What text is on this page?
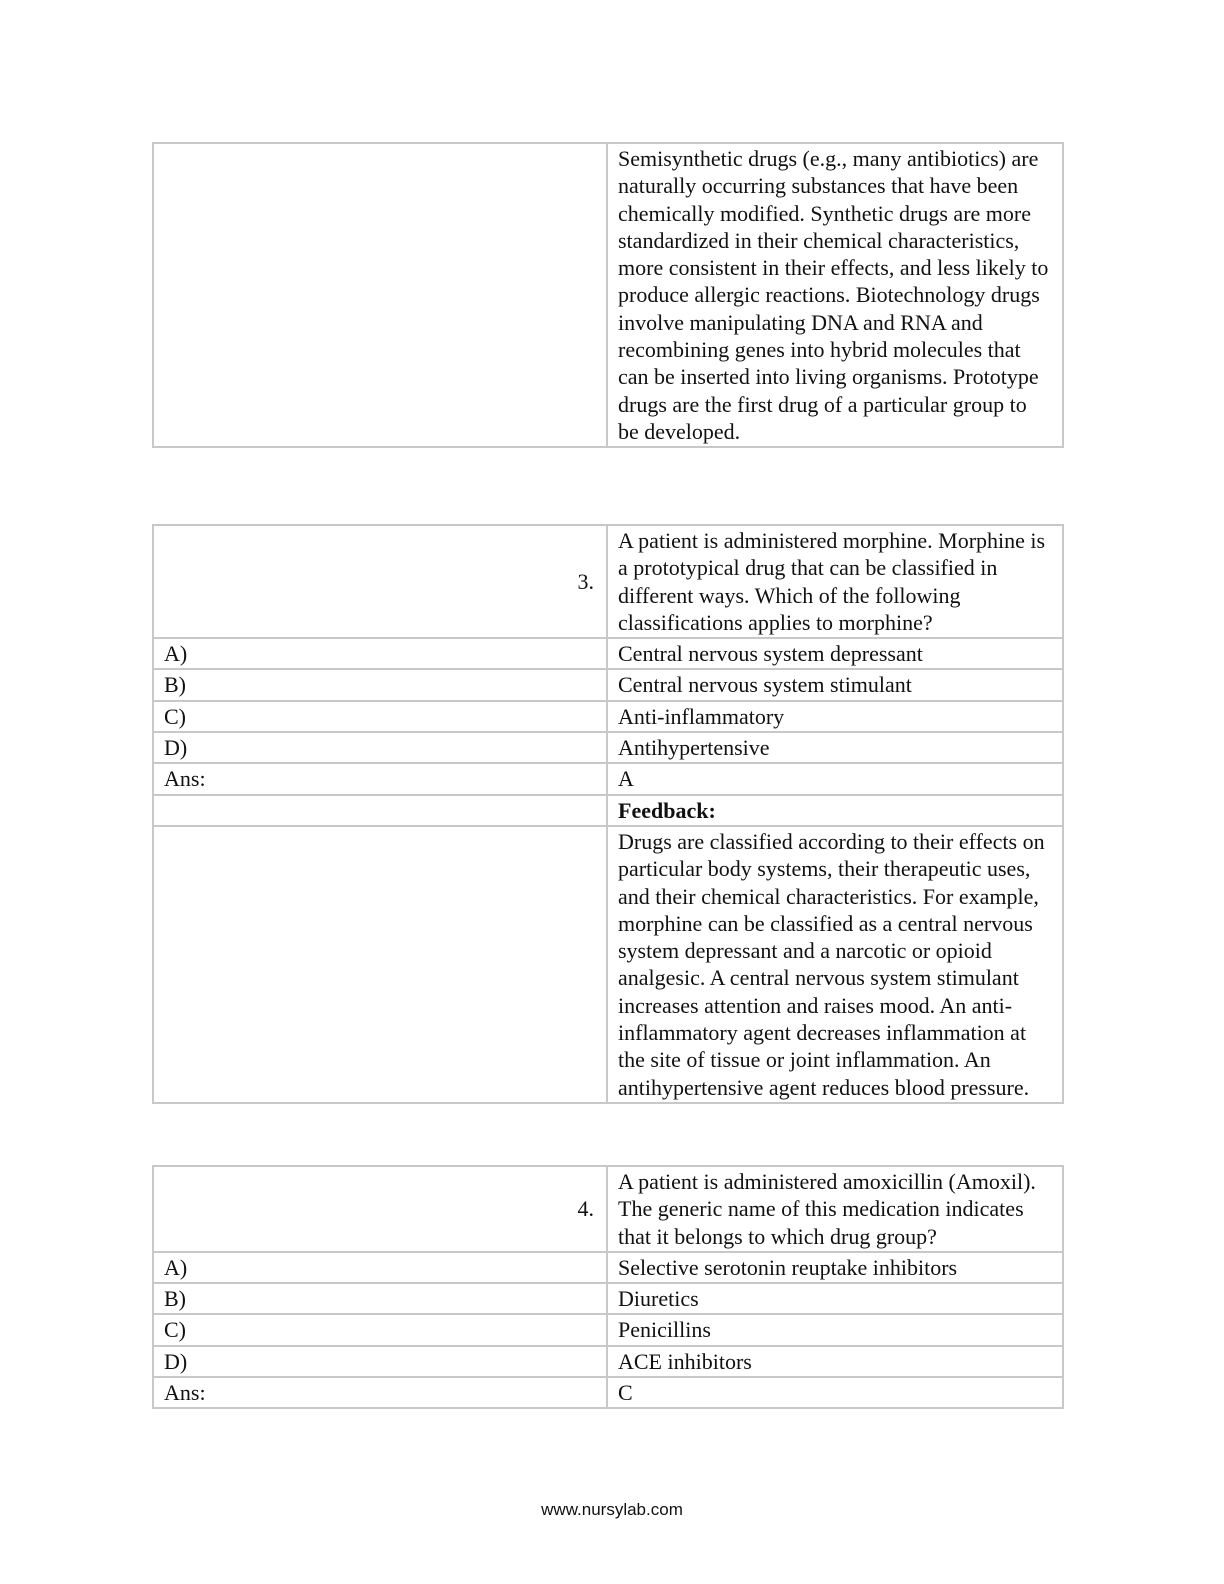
	Semisynthetic drugs (e.g., many antibiotics) are naturally occurring substances that have been chemically modified. Synthetic drugs are more standardized in their chemical characteristics, more consistent in their effects, and less likely to produce allergic reactions. Biotechnology drugs involve manipulating DNA and RNA and recombining genes into hybrid molecules that can be inserted into living organisms. Prototype drugs are the first drug of a particular group to be developed.
3.	A patient is administered morphine. Morphine is a prototypical drug that can be classified in different ways. Which of the following classifications applies to morphine?
A)	Central nervous system depressant
B)	Central nervous system stimulant
C)	Anti-inflammatory
D)	Antihypertensive
Ans:	A
	Feedback:
	Drugs are classified according to their effects on particular body systems, their therapeutic uses, and their chemical characteristics. For example, morphine can be classified as a central nervous system depressant and a narcotic or opioid analgesic. A central nervous system stimulant increases attention and raises mood. An anti-inflammatory agent decreases inflammation at the site of tissue or joint inflammation. An antihypertensive agent reduces blood pressure.
4.	A patient is administered amoxicillin (Amoxil). The generic name of this medication indicates that it belongs to which drug group?
A)	Selective serotonin reuptake inhibitors
B)	Diuretics
C)	Penicillins
D)	ACE inhibitors
Ans:	C
www.nursylab.com
